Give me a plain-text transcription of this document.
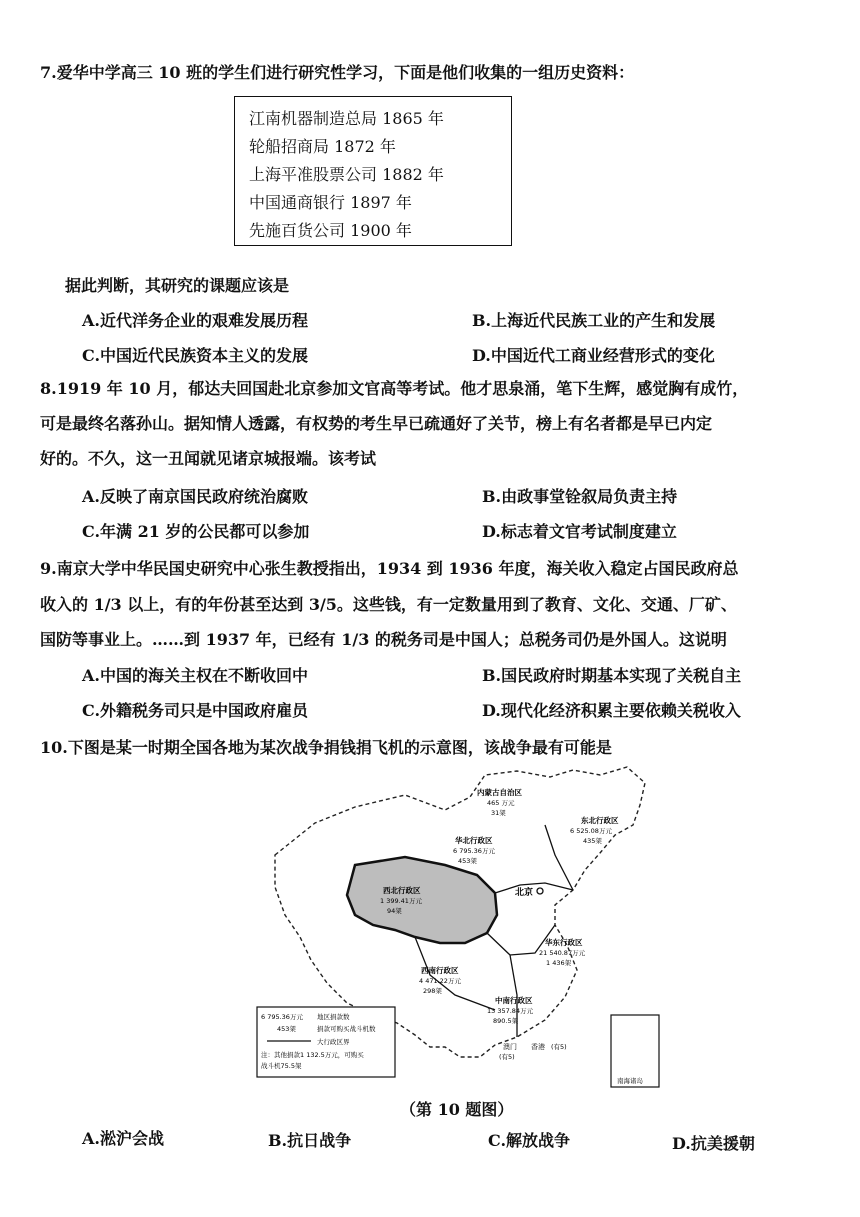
7.爱华中学高三 10 班的学生们进行研究性学习，下面是他们收集的一组历史资料：
江南机器制造总局 1865 年
轮船招商局 1872 年
上海平准股票公司 1882 年
中国通商银行 1897 年
先施百货公司 1900 年
据此判断，其研究的课题应该是
A.近代洋务企业的艰难发展历程	B.上海近代民族工业的产生和发展
C.中国近代民族资本主义的发展	D.中国近代工商业经营形式的变化
8.1919 年 10 月，郁达夫回国赴北京参加文官高等考试。他才思泉涌，笔下生辉，感觉胸有成竹，
可是最终名落孙山。据知情人透露，有权势的考生早已疏通好了关节，榜上有名者都是早已内定
好的。不久，这一丑闻就见诸京城报端。该考试
A.反映了南京国民政府统治腐败	B.由政事堂铨叙局负责主持
C.年满 21 岁的公民都可以参加	D.标志着文官考试制度建立
9.南京大学中华民国史研究中心张生教授指出，1934 到 1936 年度，海关收入稳定占国民政府总
收入的 1/3 以上，有的年份甚至达到 3/5。这些钱，有一定数量用到了教育、文化、交通、厂矿、
国防等事业上。……到 1937 年，已经有 1/3 的税务司是中国人；总税务司仍是外国人。这说明
A.中国的海关主权在不断收回中	B.国民政府时期基本实现了关税自主
C.外籍税务司只是中国政府雇员	D.现代化经济积累主要依赖关税收入
10.下图是某一时期全国各地为某次战争捐钱捐飞机的示意图，该战争最有可能是
内蒙古自治区
465 万元
31架
东北行政区
6 525.08万元
435架
华北行政区
6 795.36万元
453架
西北行政区
1 399.41万元
94架
华东行政区
21 540.87万元
1 436架
西南行政区
4 471.22万元
298架
中南行政区
13 357.84万元
890.5架
北京
澳门
(有5)
香港 (有5)
南海诸岛
6 795.36万元 地区捐款数
453架	捐款可购买战斗机数
大行政区界
注：其他捐款1 132.5万元，可购买
战斗机75.5架
（第 10 题图）
A.淞沪会战	B.抗日战争	C.解放战争	D.抗美援朝
